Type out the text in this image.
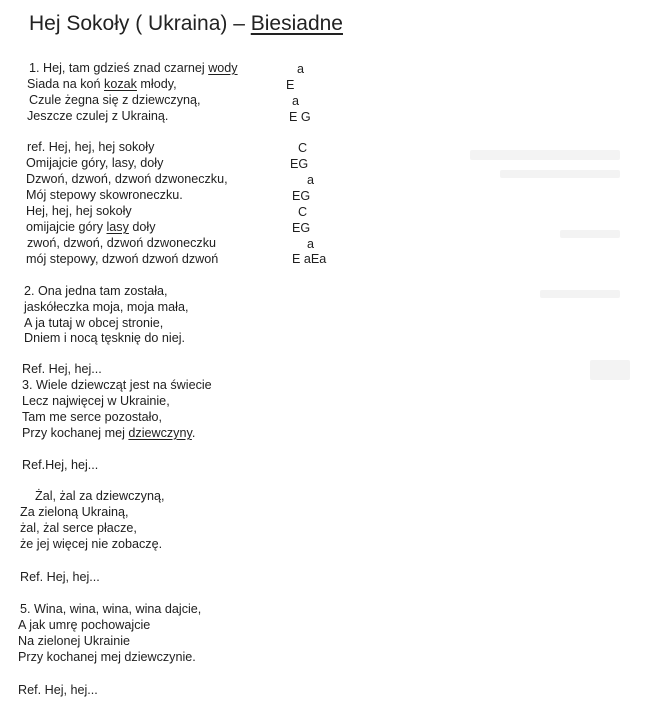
Hej Sokoły ( Ukraina) – Biesiadne
1. Hej, tam gdzieś znad czarnej wody
Siada na koń kozak młody,
Czule żegna się z dziewczyną,
Jeszcze czulej z Ukrainą.
a
E
a
E G
ref. Hej, hej, hej sokoły
Omijajcie góry, lasy, doły
Dzwoń, dzwoń, dzwoń dzwoneczku,
Mój stepowy skowroneczku.
Hej, hej, hej sokoły
omijajcie góry lasy doły
zwoń, dzwoń, dzwoń dzwoneczku
mój stepowy, dzwoń dzwoń dzwoń
C
EG
a
EG
C
EG
a
E aEa
2. Ona jedna tam została,
jaskółeczka moja, moja mała,
A ja tutaj w obcej stronie,
Dniem i nocą tęsknię do niej.
Ref. Hej, hej...
3. Wiele dziewcząt jest na świecie
Lecz najwięcej w Ukrainie,
Tam me serce pozostało,
Przy kochanej mej dziewczyny.
Ref.Hej, hej...
Żal, żal za dziewczyną,
Za zieloną Ukrainą,
żal, żal serce płacze,
że jej więcej nie zobaczę.
Ref. Hej, hej...
5. Wina, wina, wina, wina dajcie,
A jak umrę pochowajcie
Na zielonej Ukrainie
Przy kochanej mej dziewczynie.
Ref. Hej, hej...
